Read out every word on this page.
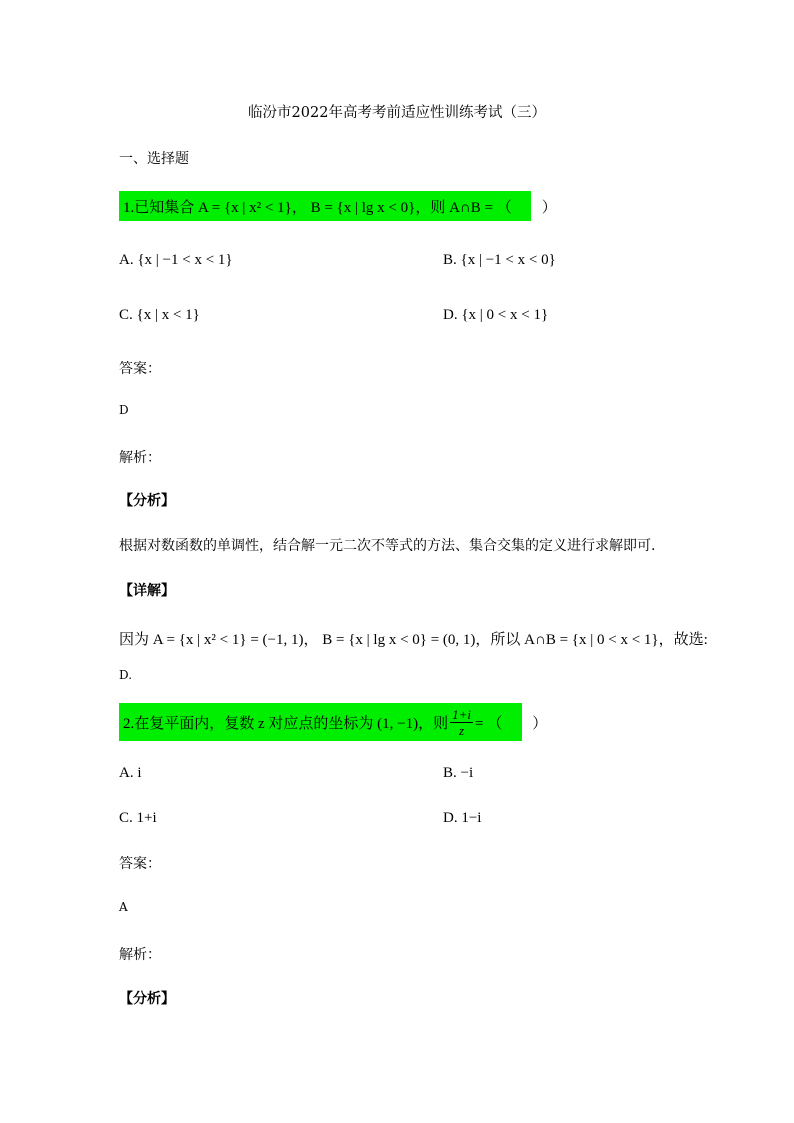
临汾市2022年高考考前适应性训练考试（三）
一、选择题
1.已知集合 A = {x | x² < 1}， B = {x | lg x < 0}，则 A∩B = （　　）
A. {x | −1 < x < 1}	B. {x | −1 < x < 0}
C. {x | x < 1}	D. {x | 0 < x < 1}
答案：
D
解析：
【分析】
根据对数函数的单调性，结合解一元二次不等式的方法、集合交集的定义进行求解即可.
【详解】
因为 A = {x | x² < 1} = (−1, 1)， B = {x | lg x < 0} = (0, 1)，所以 A∩B = {x | 0 < x < 1}，故选:
D.
2.在复平面内，复数 z 对应点的坐标为 (1, −1)，则 $\frac{1+i}{z}$ = （　　）
A. i	B. −i
C. 1+i	D. 1−i
答案：
A
解析：
【分析】
